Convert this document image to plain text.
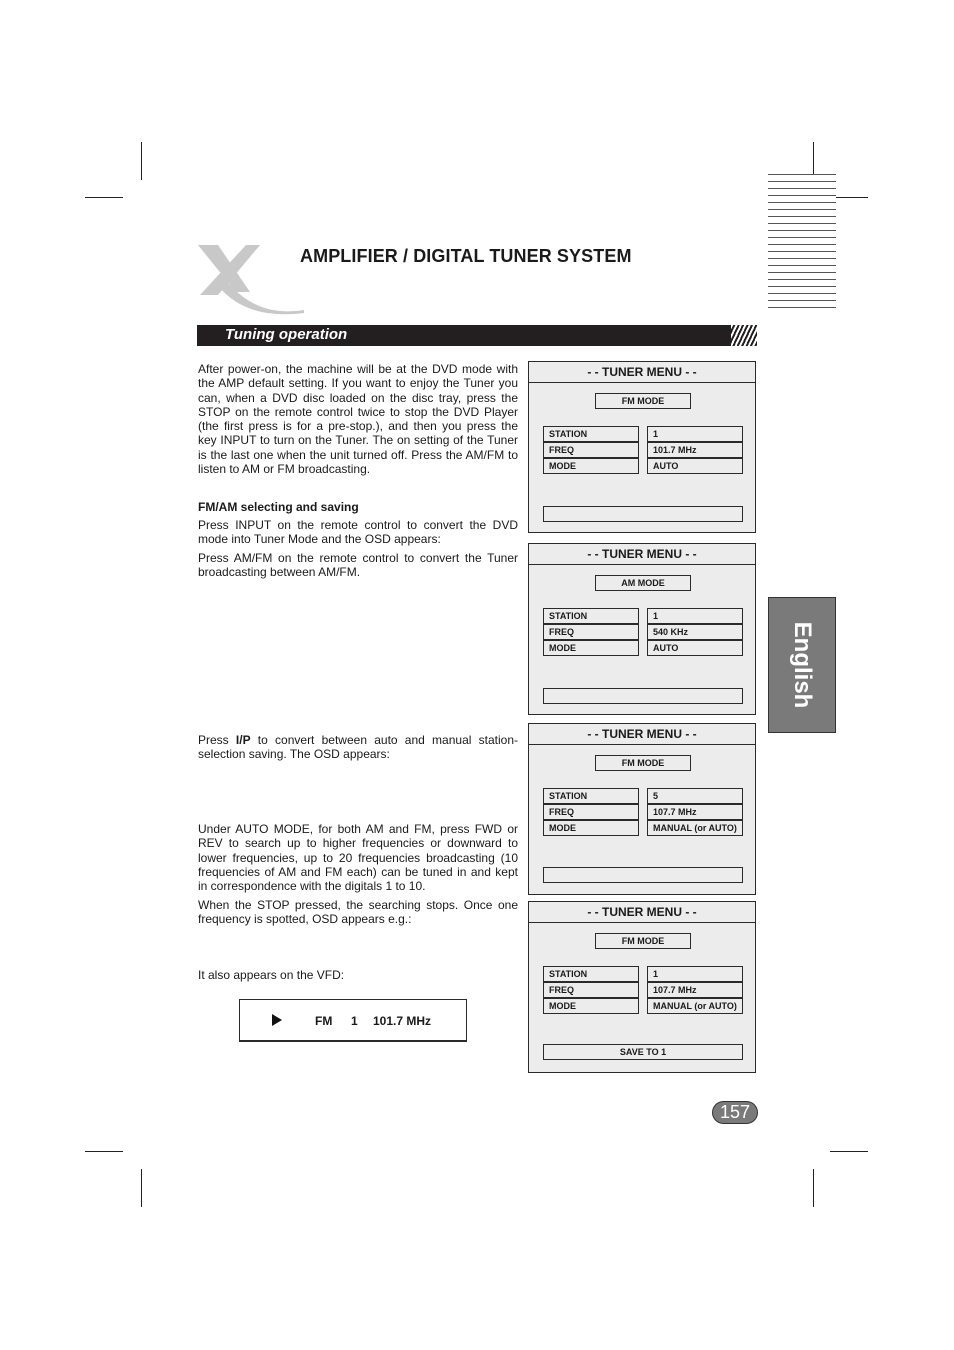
AMPLIFIER / DIGITAL TUNER SYSTEM
English
Tuning operation
After power-on, the machine will be at the DVD mode with the AMP default setting. If you want to enjoy the Tuner you can, when a DVD disc loaded on the disc tray, press the STOP on the remote control twice to stop the DVD Player (the first press is for a pre-stop.), and then you press the key INPUT to turn on the Tuner. The on setting of the Tuner is the last one when the unit turned off. Press the AM/FM to listen to AM or FM broadcasting.
FM/AM selecting and saving
Press INPUT on the remote control to convert the DVD mode into Tuner Mode and the OSD appears:
Press AM/FM on the remote control to convert the Tuner broadcasting between AM/FM.
Press I/P to convert between auto and manual station-selection saving. The OSD appears:
Under AUTO MODE, for both AM and FM, press FWD or REV to search up to higher frequencies or downward to lower frequencies, up to 20 frequencies broadcasting (10 frequencies of AM and FM each) can be tuned in and kept in correspondence with the digitals 1 to 10.
When the STOP pressed, the searching stops. Once one frequency is spotted, OSD appears e.g.:
It also appears on the VFD:
FM 1 101.7 MHz
- - TUNER MENU - -
FM MODE
STATION	1
FREQ	101.7 MHz
MODE	AUTO
- - TUNER MENU - -
AM MODE
STATION	1
FREQ	540 KHz
MODE	AUTO
- - TUNER MENU - -
FM MODE
STATION	5
FREQ	107.7 MHz
MODE	MANUAL (or AUTO)
- - TUNER MENU - -
FM MODE
STATION	1
FREQ	107.7 MHz
MODE	MANUAL (or AUTO)
SAVE TO 1
157
